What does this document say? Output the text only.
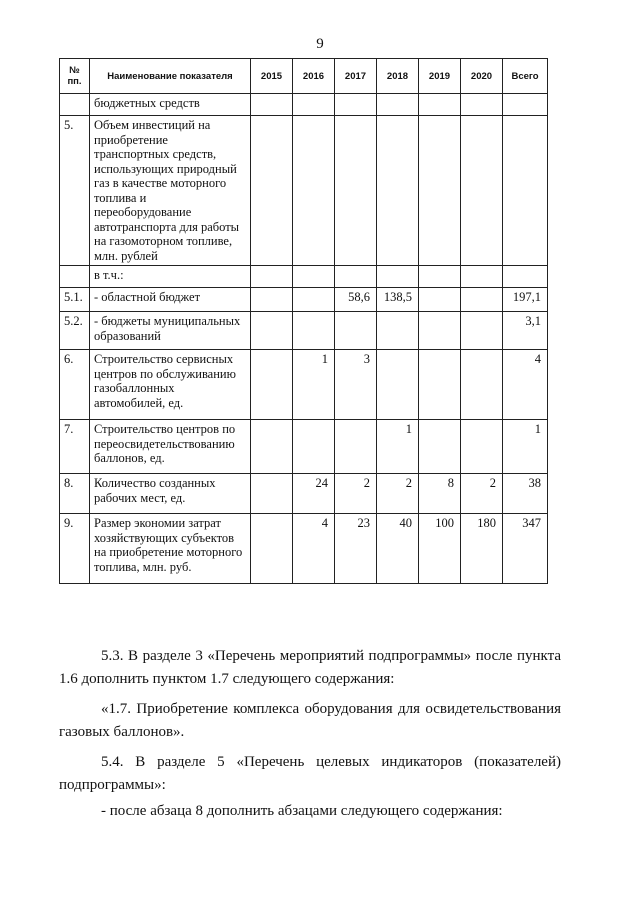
9
№ пп.	Наименование показателя	2015	2016	2017	2018	2019	2020	Всего
	бюджетных средств							
5.	Объем инвестиций на приобретение транспортных средств, использующих природный газ в качестве моторного топлива и переоборудование автотранспорта для работы на газомоторном топливе, млн. рублей							
	в т.ч.:							
5.1.	- областной бюджет			58,6	138,5			197,1
5.2.	- бюджеты муниципальных образований							3,1
6.	Строительство сервисных центров по обслуживанию газобаллонных автомобилей, ед.		1	3				4
7.	Строительство центров по переосвидетельствованию баллонов, ед.				1			1
8.	Количество созданных рабочих мест, ед.		24	2	2	8	2	38
9.	Размер экономии затрат хозяйствующих субъектов на приобретение моторного топлива, млн. руб.		4	23	40	100	180	347
5.3. В разделе 3 «Перечень мероприятий подпрограммы» после пункта 1.6 дополнить пунктом 1.7 следующего содержания:
«1.7. Приобретение комплекса оборудования для освидетельствования газовых баллонов».
5.4. В разделе 5 «Перечень целевых индикаторов (показателей) подпрограммы»:
- после абзаца 8 дополнить абзацами следующего содержания:
